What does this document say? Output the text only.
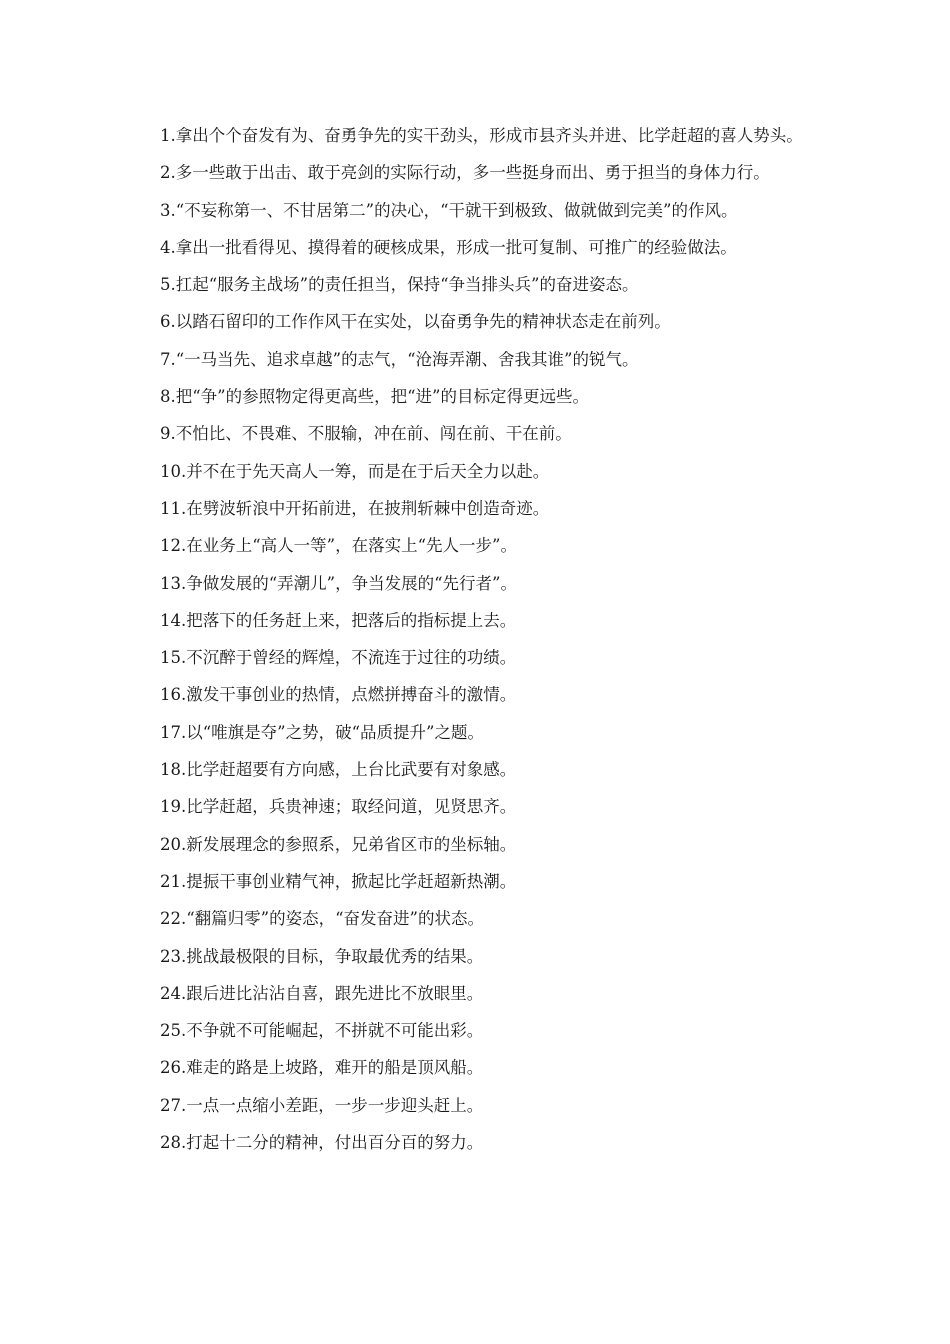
1.拿出个个奋发有为、奋勇争先的实干劲头，形成市县齐头并进、比学赶超的喜人势头。

2.多一些敢于出击、敢于亮剑的实际行动，多一些挺身而出、勇于担当的身体力行。

3.“不妄称第一、不甘居第二”的决心，“干就干到极致、做就做到完美”的作风。

4.拿出一批看得见、摸得着的硬核成果，形成一批可复制、可推广的经验做法。

5.扛起“服务主战场”的责任担当，保持“争当排头兵”的奋进姿态。

6.以踏石留印的工作作风干在实处，以奋勇争先的精神状态走在前列。

7.“一马当先、追求卓越”的志气，“沧海弄潮、舍我其谁”的锐气。

8.把“争”的参照物定得更高些，把“进”的目标定得更远些。

9.不怕比、不畏难、不服输，冲在前、闯在前、干在前。

10.并不在于先天高人一筹，而是在于后天全力以赴。

11.在劈波斩浪中开拓前进，在披荆斩棘中创造奇迹。

12.在业务上“高人一等”，在落实上“先人一步”。

13.争做发展的“弄潮儿”，争当发展的“先行者”。

14.把落下的任务赶上来，把落后的指标提上去。

15.不沉醉于曾经的辉煌，不流连于过往的功绩。

16.激发干事创业的热情，点燃拼搏奋斗的激情。

17.以“唯旗是夺”之势，破“品质提升”之题。

18.比学赶超要有方向感，上台比武要有对象感。

19.比学赶超，兵贵神速；取经问道，见贤思齐。

20.新发展理念的参照系，兄弟省区市的坐标轴。

21.提振干事创业精气神，掀起比学赶超新热潮。

22.“翻篇归零”的姿态，“奋发奋进”的状态。

23.挑战最极限的目标，争取最优秀的结果。

24.跟后进比沾沾自喜，跟先进比不放眼里。

25.不争就不可能崛起，不拼就不可能出彩。

26.难走的路是上坡路，难开的船是顶风船。

27.一点一点缩小差距，一步一步迎头赶上。

28.打起十二分的精神，付出百分百的努力。
